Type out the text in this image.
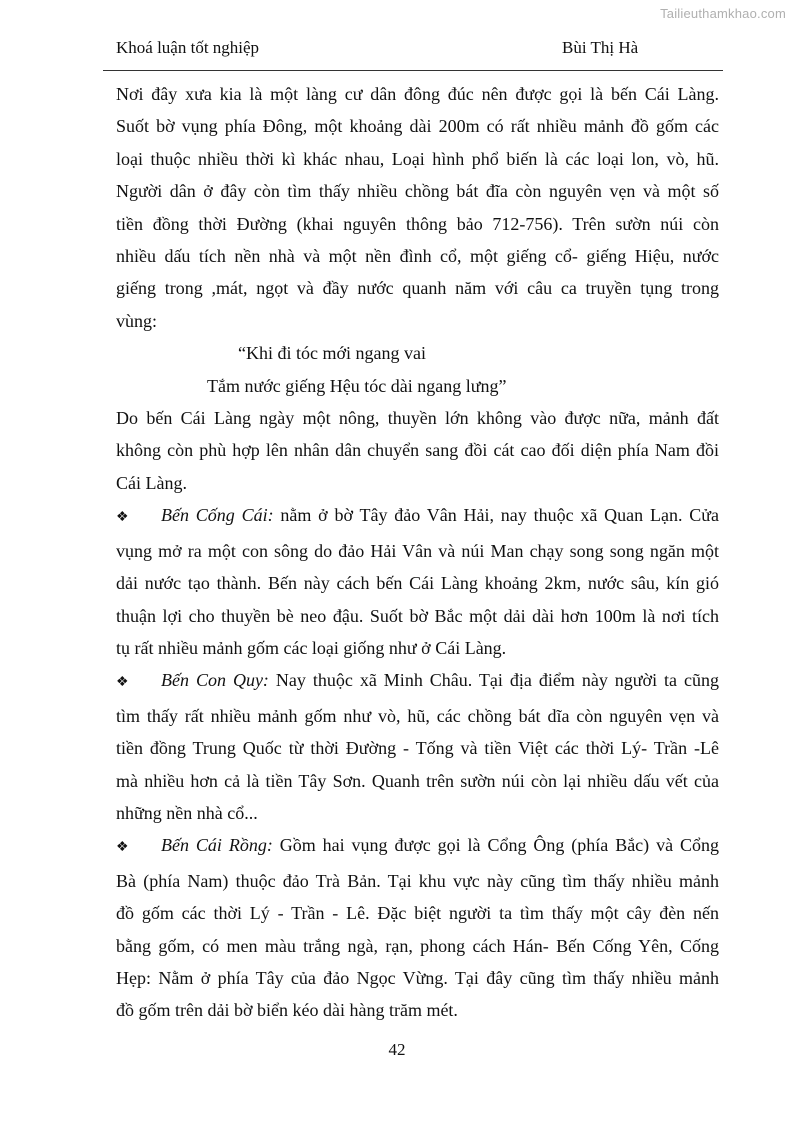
Tailieuthamkhao.com
Khoá luận tốt nghiệp	Bùi Thị Hà
Nơi đây xưa kia là một làng cư dân đông đúc nên được gọi là bến Cái Làng.
Suốt bờ vụng phía Đông, một khoảng dài 200m có rất nhiều mảnh đồ gốm các
loại thuộc nhiều thời kì khác nhau, Loại hình phổ biến là các loại lon, vò, hũ.
Người dân ở đây còn tìm thấy nhiều chồng bát đĩa còn nguyên vẹn và một số
tiền đồng thời Đường (khai nguyên thông bảo 712-756). Trên sườn núi còn
nhiều dấu tích nền nhà và một nền đình cổ, một giếng cổ- giếng Hiệu, nước
giếng trong ,mát, ngọt và đầy nước quanh năm với câu ca truyền tụng trong
vùng:
“Khi đi tóc mới ngang vai
Tắm nước giếng Hệu tóc dài ngang lưng”
Do bến Cái Làng ngày một nông, thuyền lớn không vào được nữa, mảnh đất
không còn phù hợp lên nhân dân chuyển sang đồi cát cao đối diện phía Nam đồi
Cái Làng.
❖	Bến Cống Cái: nằm ở bờ Tây đảo Vân Hải, nay thuộc xã Quan Lạn. Cửa
vụng mở ra một con sông do đảo Hải Vân và núi Man chạy song song ngăn một
dải nước tạo thành. Bến này cách bến Cái Làng khoảng 2km, nước sâu, kín gió
thuận lợi cho thuyền bè neo đậu. Suốt bờ Bắc một dải dài hơn 100m là nơi tích
tụ rất nhiều mảnh gốm các loại giống như ở Cái Làng.
❖	Bến Con Quy: Nay thuộc xã Minh Châu. Tại địa điểm này người ta cũng
tìm thấy rất nhiều mảnh gốm như vò, hũ, các chồng bát dĩa còn nguyên vẹn và
tiền đồng Trung Quốc từ thời Đường - Tống và tiền Việt các thời Lý- Trần -Lê
mà nhiều hơn cả là tiền Tây Sơn. Quanh trên sườn núi còn lại nhiều dấu vết của
những nền nhà cổ...
❖	Bến Cái Rồng: Gồm hai vụng được gọi là Cổng Ông (phía Bắc) và Cổng
Bà (phía Nam) thuộc đảo Trà Bản. Tại khu vực này cũng tìm thấy nhiều mảnh
đồ gốm các thời Lý - Trần - Lê. Đặc biệt người ta tìm thấy một cây đèn nến
bằng gốm, có men màu trắng ngà, rạn, phong cách Hán- Bến Cống Yên, Cống
Hẹp: Nằm ở phía Tây của đảo Ngọc Vừng. Tại đây cũng tìm thấy nhiều mảnh
đồ gốm trên dải bờ biển kéo dài hàng trăm mét.
42
